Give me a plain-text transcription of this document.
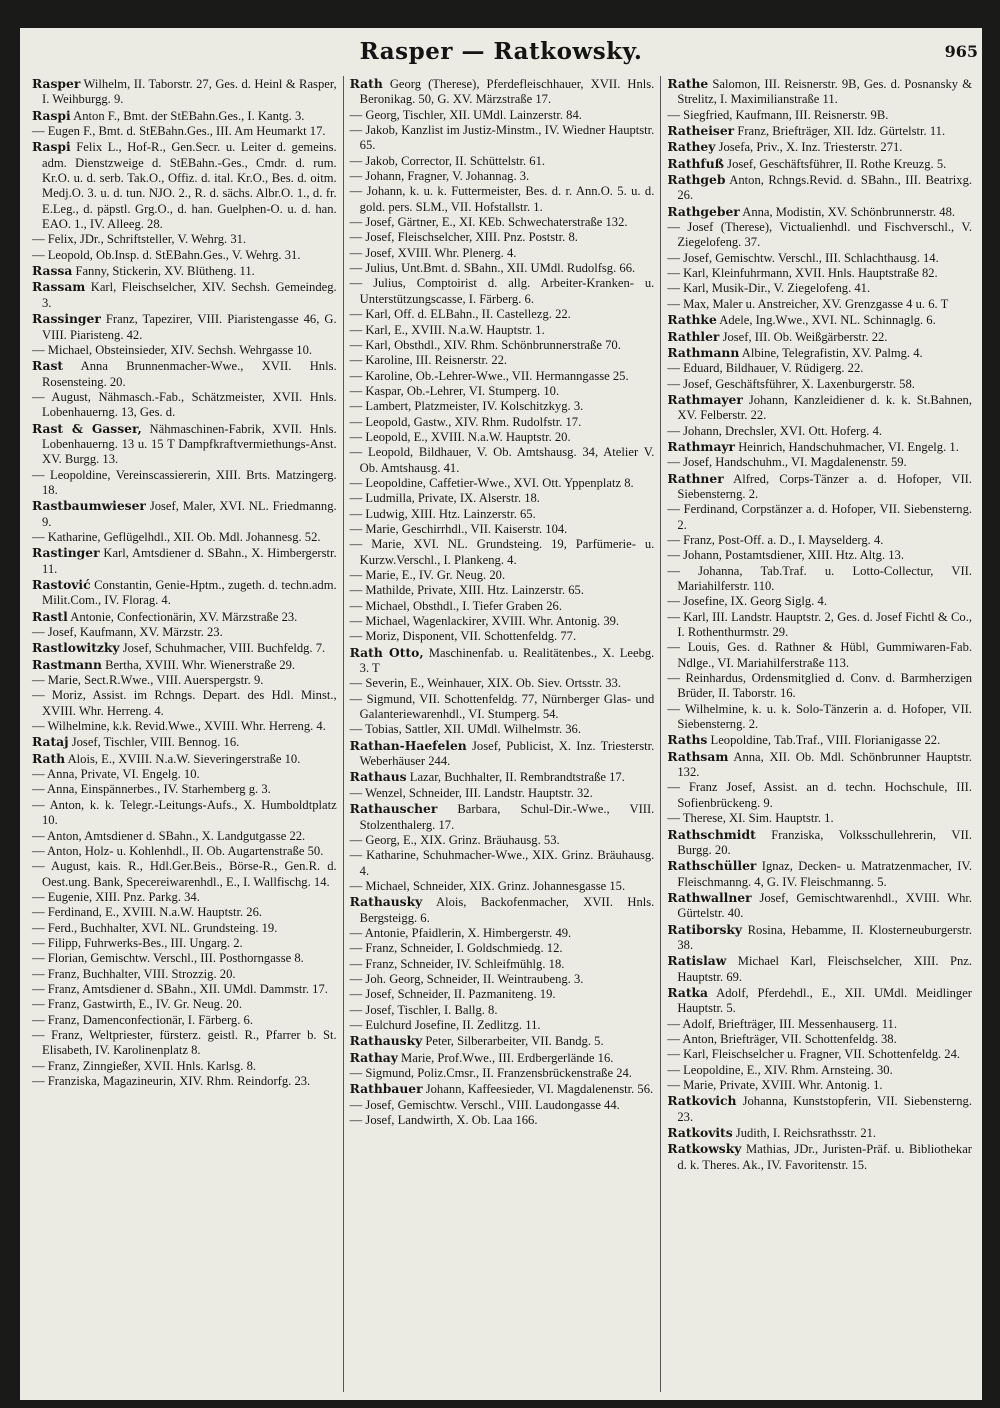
Rasper — Ratkowsky.	965
Rasper Wilhelm, II. Taborstr. 27, Ges. d. Heinl & Rasper, I. Weihburgg. 9.
Raspi Anton F., Bmt. der StEBahn.Ges., I. Kantg. 3.
— Eugen F., Bmt. d. StEBahn.Ges., III. Am Heumarkt 17.
Raspi Felix L., Hof-R., Gen.Secr. u. Leiter d. gemeins. adm. Dienstzweige d. StEBahn.-Ges., Cmdr. d. rum. Kr.O. u. d. serb. Tak.O., Offiz. d. ital. Kr.O., Bes. d. oitm. Medj.O. 3. u. d. tun. NJO. 2., R. d. sächs. Albr.O. 1., d. fr. E.Leg., d. päpstl. Grg.O., d. han. Guelphen-O. u. d. han. EAO. 1., IV. Alleeg. 28.
— Felix, JDr., Schriftsteller, V. Wehrg. 31.
— Leopold, Ob.Insp. d. StEBahn.Ges., V. Wehrg. 31.
Rassa Fanny, Stickerin, XV. Blütheng. 11.
Rassam Karl, Fleischselcher, XIV. Sechsh. Gemeindeg. 3.
Rassinger Franz, Tapezirer, VIII. Piaristengasse 46, G. VIII. Piaristeng. 42.
— Michael, Obsteinsieder, XIV. Sechsh. Wehrgasse 10.
Rast Anna Brunnenmacher-Wwe., XVII. Hnls. Rosensteing. 20.
— August, Nähmasch.-Fab., Schätzmeister, XVII. Hnls. Lobenhauerng. 13, Ges. d.
Rast & Gasser, Nähmaschinen-Fabrik, XVII. Hnls. Lobenhauerng. 13 u. 15 T Dampfkraftvermiethungs-Anst. XV. Burgg. 13.
— Leopoldine, Vereinscassiererin, XIII. Brts. Matzingerg. 18.
Rastbaumwieser Josef, Maler, XVI. NL. Friedmanng. 9.
— Katharine, Geflügelhdl., XII. Ob. Mdl. Johannesg. 52.
Rastinger Karl, Amtsdiener d. SBahn., X. Himbergerstr. 11.
Rastović Constantin, Genie-Hptm., zugeth. d. techn.adm. Milit.Com., IV. Florag. 4.
Rastl Antonie, Confectionärin, XV. Märzstraße 23.
— Josef, Kaufmann, XV. Märzstr. 23.
Rastlowitzky Josef, Schuhmacher, VIII. Buchfeldg. 7.
Rastmann Bertha, XVIII. Whr. Wienerstraße 29.
— Marie, Sect.R.Wwe., VIII. Auerspergstr. 9.
— Moriz, Assist. im Rchngs. Depart. des Hdl. Minst., XVIII. Whr. Herreng. 4.
— Wilhelmine, k.k. Revid.Wwe., XVIII. Whr. Herreng. 4.
Rataj Josef, Tischler, VIII. Bennog. 16.
Rath Alois, E., XVIII. N.a.W. Sieveringerstraße 10.
— Anna, Private, VI. Engelg. 10.
— Anna, Einspännerbes., IV. Starhemberg g. 3.
— Anton, k. k. Telegr.-Leitungs-Aufs., X. Humboldtplatz 10.
— Anton, Amtsdiener d. SBahn., X. Landgutgasse 22.
— Anton, Holz- u. Kohlenhdl., II. Ob. Augartenstraße 50.
— August, kais. R., Hdl.Ger.Beis., Börse-R., Gen.R. d. Oest.ung. Bank, Specereiwarenhdl., E., I. Wallfischg. 14.
— Eugenie, XIII. Pnz. Parkg. 34.
— Ferdinand, E., XVIII. N.a.W. Hauptstr. 26.
— Ferd., Buchhalter, XVI. NL. Grundsteing. 19.
— Filipp, Fuhrwerks-Bes., III. Ungarg. 2.
— Florian, Gemischtw. Verschl., III. Posthorngasse 8.
— Franz, Buchhalter, VIII. Strozzig. 20.
— Franz, Amtsdiener d. SBahn., XII. UMdl. Dammstr. 17.
— Franz, Gastwirth, E., IV. Gr. Neug. 20.
— Franz, Damenconfectionär, I. Färberg. 6.
— Franz, Weltpriester, fürsterz. geistl. R., Pfarrer b. St. Elisabeth, IV. Karolinenplatz 8.
— Franz, Zinngießer, XVII. Hnls. Karlsg. 8.
— Franziska, Magazineurin, XIV. Rhm. Reindorfg. 23.
Rath Georg (Therese), Pferdefleischhauer, XVII. Hnls. Beronikag. 50, G. XV. Märzstraße 17.
— Georg, Tischler, XII. UMdl. Lainzerstr. 84.
— Jakob, Kanzlist im Justiz-Minstm., IV. Wiedner Hauptstr. 65.
— Jakob, Corrector, II. Schüttelstr. 61.
— Johann, Fragner, V. Johannag. 3.
— Johann, k. u. k. Futtermeister, Bes. d. r. Ann.O. 5. u. d. gold. pers. SLM., VII. Hofstallstr. 1.
— Josef, Gärtner, E., XI. KEb. Schwechaterstraße 132.
— Josef, Fleischselcher, XIII. Pnz. Poststr. 8.
— Josef, XVIII. Whr. Plenerg. 4.
— Julius, Unt.Bmt. d. SBahn., XII. UMdl. Rudolfsg. 66.
— Julius, Comptoirist d. allg. Arbeiter-Kranken- u. Unterstützungscasse, I. Färberg. 6.
— Karl, Off. d. ELBahn., II. Castellezg. 22.
— Karl, E., XVIII. N.a.W. Hauptstr. 1.
— Karl, Obsthdl., XIV. Rhm. Schönbrunnerstraße 70.
— Karoline, III. Reisnerstr. 22.
— Karoline, Ob.-Lehrer-Wwe., VII. Hermanngasse 25.
— Kaspar, Ob.-Lehrer, VI. Stumperg. 10.
— Lambert, Platzmeister, IV. Kolschitzkyg. 3.
— Leopold, Gastw., XIV. Rhm. Rudolfstr. 17.
— Leopold, E., XVIII. N.a.W. Hauptstr. 20.
— Leopold, Bildhauer, V. Ob. Amtshausg. 34, Atelier V. Ob. Amtshausg. 41.
— Leopoldine, Caffetier-Wwe., XVI. Ott. Yppenplatz 8.
— Ludmilla, Private, IX. Alserstr. 18.
— Ludwig, XIII. Htz. Lainzerstr. 65.
— Marie, Geschirrhdl., VII. Kaiserstr. 104.
— Marie, XVI. NL. Grundsteing. 19, Parfümerie- u. Kurzw.Verschl., I. Plankeng. 4.
— Marie, E., IV. Gr. Neug. 20.
— Mathilde, Private, XIII. Htz. Lainzerstr. 65.
— Michael, Obsthdl., I. Tiefer Graben 26.
— Michael, Wagenlackirer, XVIII. Whr. Antonig. 39.
— Moriz, Disponent, VII. Schottenfeldg. 77.
Rath Otto, Maschinenfab. u. Realitätenbes., X. Leebg. 3. T
— Severin, E., Weinhauer, XIX. Ob. Siev. Ortsstr. 33.
— Sigmund, VII. Schottenfeldg. 77, Nürnberger Glas- und Galanteriewarenhdl., VI. Stumperg. 54.
— Tobias, Sattler, XII. UMdl. Wilhelmstr. 36.
Rathan-Haefelen Josef, Publicist, X. Inz. Triesterstr. Weberhäuser 244.
Rathaus Lazar, Buchhalter, II. Rembrandtstraße 17.
— Wenzel, Schneider, III. Landstr. Hauptstr. 32.
Rathauscher Barbara, Schul-Dir.-Wwe., VIII. Stolzenthalerg. 17.
— Georg, E., XIX. Grinz. Bräuhausg. 53.
— Katharine, Schuhmacher-Wwe., XIX. Grinz. Bräuhausg. 4.
— Michael, Schneider, XIX. Grinz. Johannesgasse 15.
Rathausky Alois, Backofenmacher, XVII. Hnls. Bergsteigg. 6.
— Antonie, Pfaidlerin, X. Himbergerstr. 49.
— Franz, Schneider, I. Goldschmiedg. 12.
— Franz, Schneider, IV. Schleifmühlg. 18.
— Joh. Georg, Schneider, II. Weintraubeng. 3.
— Josef, Schneider, II. Pazmaniteng. 19.
— Josef, Tischler, I. Ballg. 8.
— Eulchurd Josefine, II. Zedlitzg. 11.
Rathausky Peter, Silberarbeiter, VII. Bandg. 5.
Rathay Marie, Prof.Wwe., III. Erdbergerlände 16.
— Sigmund, Poliz.Cmsr., II. Franzensbrückenstraße 24.
Rathbauer Johann, Kaffeesieder, VI. Magdalenenstr. 56.
— Josef, Gemischtw. Verschl., VIII. Laudongasse 44.
— Josef, Landwirth, X. Ob. Laa 166.
Rathe Salomon, III. Reisnerstr. 9B, Ges. d. Posnansky & Strelitz, I. Maximilianstraße 11.
— Siegfried, Kaufmann, III. Reisnerstr. 9B.
Ratheiser Franz, Briefträger, XII. Idz. Gürtelstr. 11.
Rathey Josefa, Priv., X. Inz. Triesterstr. 271.
Rathfuß Josef, Geschäftsführer, II. Rothe Kreuzg. 5.
Rathgeb Anton, Rchngs.Revid. d. SBahn., III. Beatrixg. 26.
Rathgeber Anna, Modistin, XV. Schönbrunnerstr. 48.
— Josef (Therese), Victualienhdl. und Fischverschl., V. Ziegelofeng. 37.
— Josef, Gemischtw. Verschl., III. Schlachthausg. 14.
— Karl, Kleinfuhrmann, XVII. Hnls. Hauptstraße 82.
— Karl, Musik-Dir., V. Ziegelofeng. 41.
— Max, Maler u. Anstreicher, XV. Grenzgasse 4 u. 6. T
Rathke Adele, Ing.Wwe., XVI. NL. Schinnaglg. 6.
Rathler Josef, III. Ob. Weißgärberstr. 22.
Rathmann Albine, Telegrafistin, XV. Palmg. 4.
— Eduard, Bildhauer, V. Rüdigerg. 22.
— Josef, Geschäftsführer, X. Laxenburgerstr. 58.
Rathmayer Johann, Kanzleidiener d. k. k. St.Bahnen, XV. Felberstr. 22.
— Johann, Drechsler, XVI. Ott. Hoferg. 4.
Rathmayr Heinrich, Handschuhmacher, VI. Engelg. 1.
— Josef, Handschuhm., VI. Magdalenenstr. 59.
Rathner Alfred, Corps-Tänzer a. d. Hofoper, VII. Siebensterng. 2.
— Ferdinand, Corpstänzer a. d. Hofoper, VII. Siebensterng. 2.
— Franz, Post-Off. a. D., I. Mayselderg. 4.
— Johann, Postamtsdiener, XIII. Htz. Altg. 13.
— Johanna, Tab.Traf. u. Lotto-Collectur, VII. Mariahilferstr. 110.
— Josefine, IX. Georg Siglg. 4.
— Karl, III. Landstr. Hauptstr. 2, Ges. d. Josef Fichtl & Co., I. Rothenthurmstr. 29.
— Louis, Ges. d. Rathner & Hübl, Gummiwaren-Fab. Ndlge., VI. Mariahilferstraße 113.
— Reinhardus, Ordensmitglied d. Conv. d. Barmherzigen Brüder, II. Taborstr. 16.
— Wilhelmine, k. u. k. Solo-Tänzerin a. d. Hofoper, VII. Siebensterng. 2.
Raths Leopoldine, Tab.Traf., VIII. Florianigasse 22.
Rathsam Anna, XII. Ob. Mdl. Schönbrunner Hauptstr. 132.
— Franz Josef, Assist. an d. techn. Hochschule, III. Sofienbrückeng. 9.
— Therese, XI. Sim. Hauptstr. 1.
Rathschmidt Franziska, Volksschullehrerin, VII. Burgg. 20.
Rathschüller Ignaz, Decken- u. Matratzenmacher, IV. Fleischmanng. 4, G. IV. Fleischmanng. 5.
Rathwallner Josef, Gemischtwarenhdl., XVIII. Whr. Gürtelstr. 40.
Ratiborsky Rosina, Hebamme, II. Klosterneuburgerstr. 38.
Ratislaw Michael Karl, Fleischselcher, XIII. Pnz. Hauptstr. 69.
Ratka Adolf, Pferdehdl., E., XII. UMdl. Meidlinger Hauptstr. 5.
— Adolf, Briefträger, III. Messenhauserg. 11.
— Anton, Briefträger, VII. Schottenfeldg. 38.
— Karl, Fleischselcher u. Fragner, VII. Schottenfeldg. 24.
— Leopoldine, E., XIV. Rhm. Arnsteing. 30.
— Marie, Private, XVIII. Whr. Antonig. 1.
Ratkovich Johanna, Kunststopferin, VII. Siebensterng. 23.
Ratkovits Judith, I. Reichsrathsstr. 21.
Ratkowsky Mathias, JDr., Juristen-Präf. u. Bibliothekar d. k. Theres. Ak., IV. Favoritenstr. 15.
